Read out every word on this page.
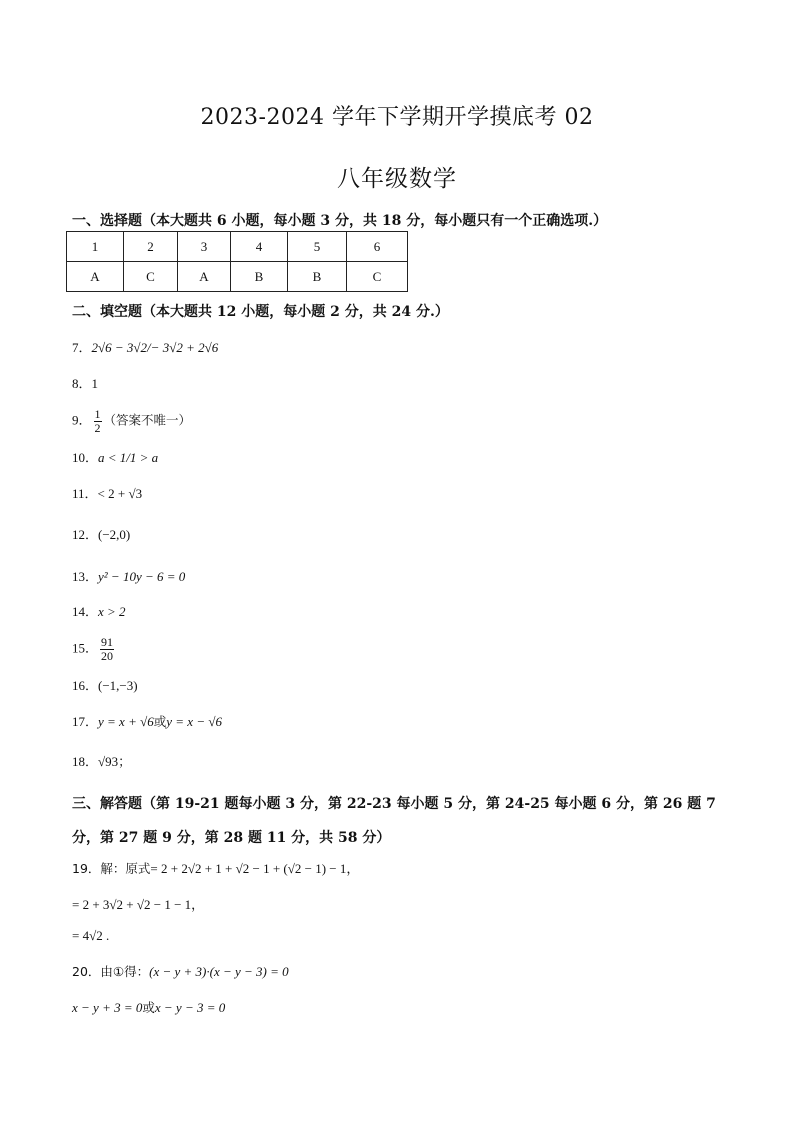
2023-2024 学年下学期开学摸底考 02
八年级数学
一、选择题（本大题共 6 小题，每小题 3 分，共 18 分，每小题只有一个正确选项.）
1	2	3	4	5	6
A	C	A	B	B	C
二、填空题（本大题共 12 小题，每小题 2 分，共 24 分.）
7．2√6 − 3√2/− 3√2 + 2√6
8．1
9． $\frac{1}{2}$ （答案不唯一）
10．a < 1/1 > a
11．< 2 + √3
12．(−2,0)
13．y² − 10y − 6 = 0
14．x > 2
15． $\frac{91}{20}$
16．(−1,−3)
17．y = x + √6或y = x − √6
18．√93；
三、解答题（第 19-21 题每小题 3 分，第 22-23 每小题 5 分，第 24-25 每小题 6 分，第 26 题 7 分，第 27 题 9 分，第 28 题 11 分，共 58 分）
19．解：原式= 2 + 2√2 + 1 + √2 − 1 + (√2 − 1) − 1，
= 2 + 3√2 + √2 − 1 − 1，
= 4√2 .
20．由①得：(x − y + 3)·(x − y − 3) = 0
x − y + 3 = 0或x − y − 3 = 0
